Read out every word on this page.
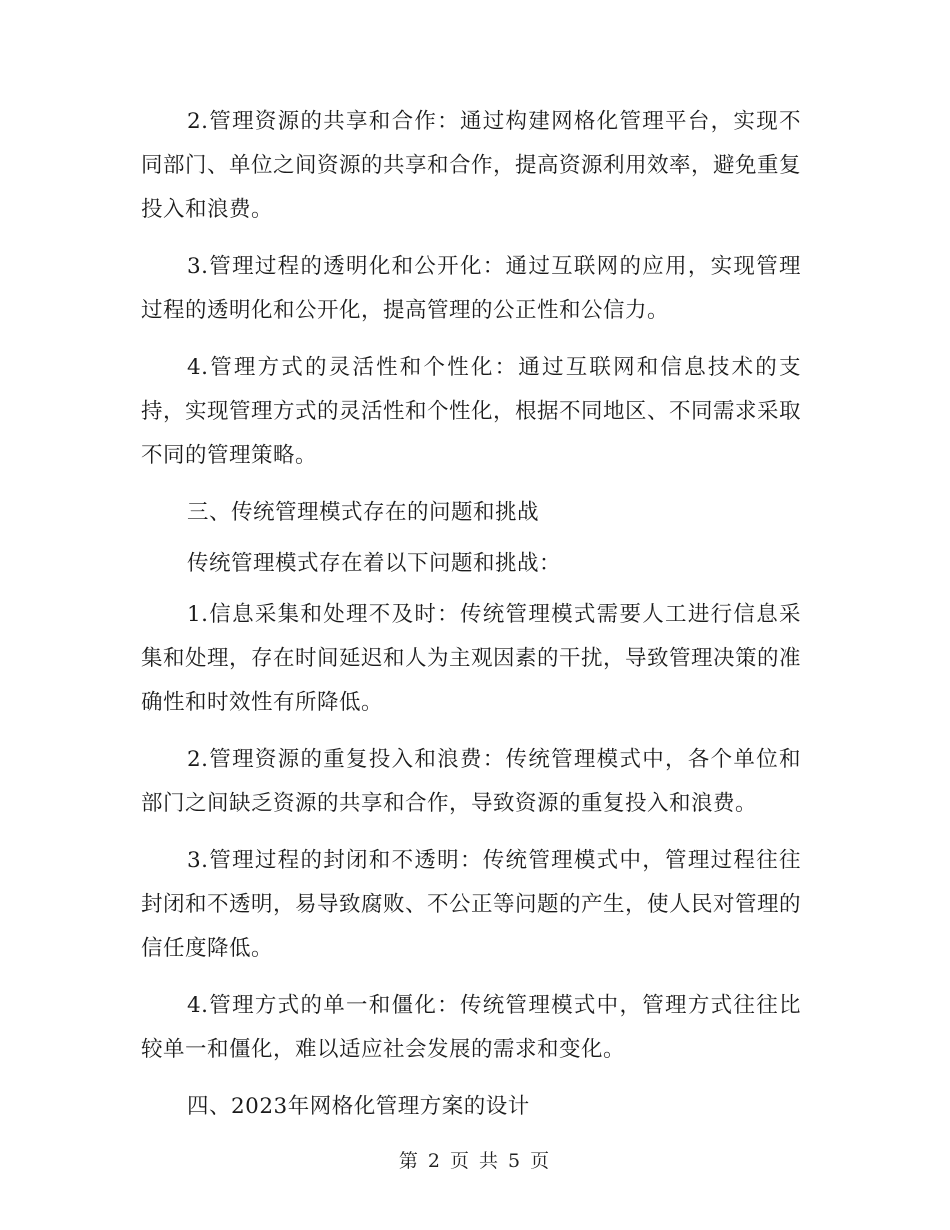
2.管理资源的共享和合作：通过构建网格化管理平台，实现不同部门、单位之间资源的共享和合作，提高资源利用效率，避免重复投入和浪费。

3.管理过程的透明化和公开化：通过互联网的应用，实现管理过程的透明化和公开化，提高管理的公正性和公信力。

4.管理方式的灵活性和个性化：通过互联网和信息技术的支持，实现管理方式的灵活性和个性化，根据不同地区、不同需求采取不同的管理策略。

三、传统管理模式存在的问题和挑战

传统管理模式存在着以下问题和挑战：

1.信息采集和处理不及时：传统管理模式需要人工进行信息采集和处理，存在时间延迟和人为主观因素的干扰，导致管理决策的准确性和时效性有所降低。

2.管理资源的重复投入和浪费：传统管理模式中，各个单位和部门之间缺乏资源的共享和合作，导致资源的重复投入和浪费。

3.管理过程的封闭和不透明：传统管理模式中，管理过程往往封闭和不透明，易导致腐败、不公正等问题的产生，使人民对管理的信任度降低。

4.管理方式的单一和僵化：传统管理模式中，管理方式往往比较单一和僵化，难以适应社会发展的需求和变化。

四、2023年网格化管理方案的设计

第 2 页 共 5 页
